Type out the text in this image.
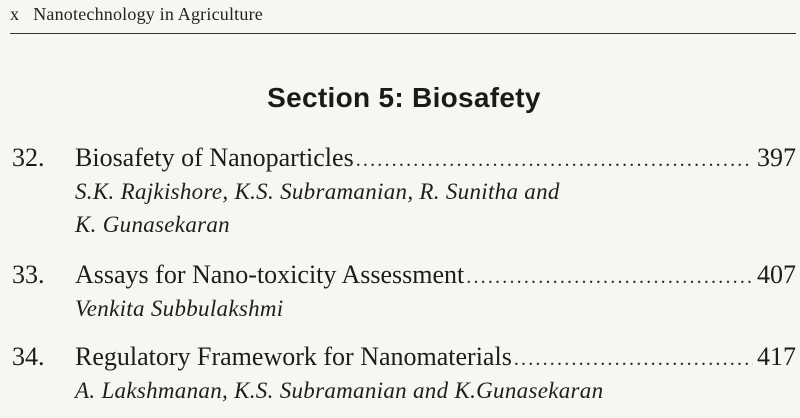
x Nanotechnology in Agriculture
Section 5: Biosafety
32.	Biosafety of Nanoparticles .....	397
S.K. Rajkishore, K.S. Subramanian, R. Sunitha and
K. Gunasekaran
33.	Assays for Nano-toxicity Assessment .....	407
Venkita Subbulakshmi
34.	Regulatory Framework for Nanomaterials .....	417
A. Lakshmanan, K.S. Subramanian and K.Gunasekaran
